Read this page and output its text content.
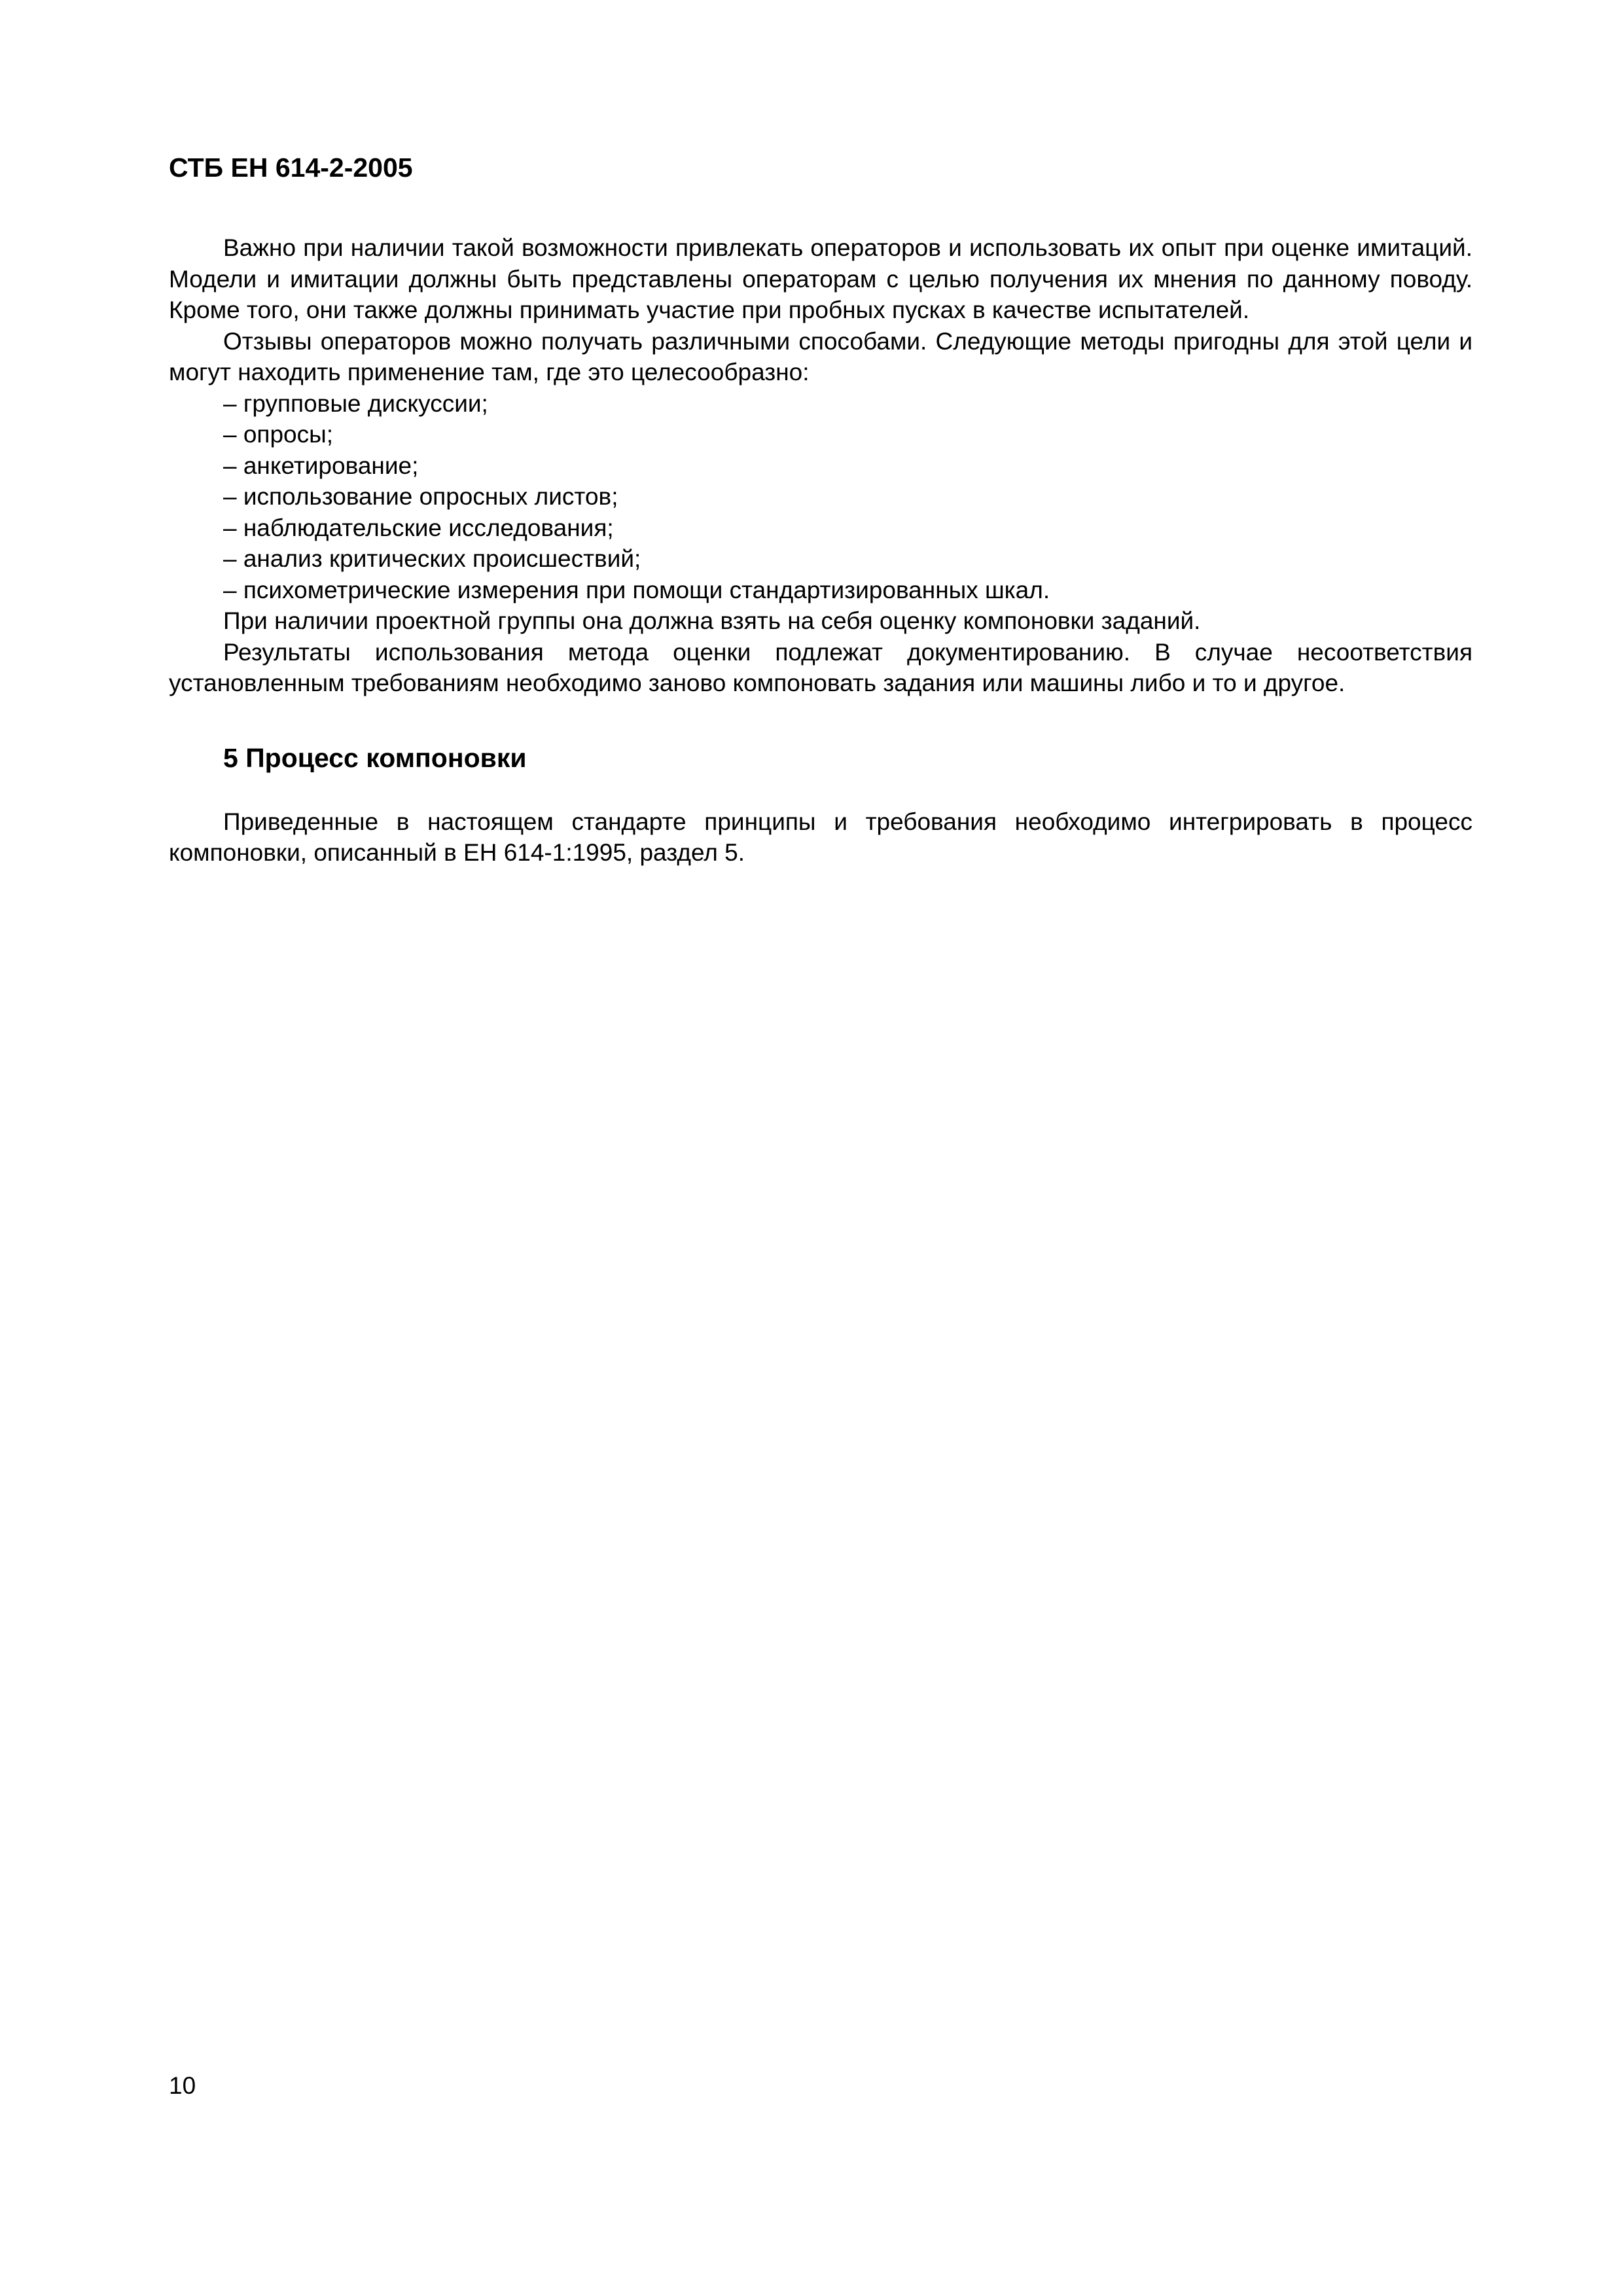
СТБ ЕН 614-2-2005

Важно при наличии такой возможности привлекать операторов и использовать их опыт при оценке имитаций. Модели и имитации должны быть представлены операторам с целью получения их мнения по данному поводу. Кроме того, они также должны принимать участие при пробных пусках в качестве испытателей.

Отзывы операторов можно получать различными способами. Следующие методы пригодны для этой цели и могут находить применение там, где это целесообразно:

– групповые дискуссии;
– опросы;
– анкетирование;
– использование опросных листов;
– наблюдательские исследования;
– анализ критических происшествий;
– психометрические измерения при помощи стандартизированных шкал.

При наличии проектной группы она должна взять на себя оценку компоновки заданий.

Результаты использования метода оценки подлежат документированию. В случае несоответствия установленным требованиям необходимо заново компоновать задания или машины либо и то и другое.

5 Процесс компоновки

Приведенные в настоящем стандарте принципы и требования необходимо интегрировать в процесс компоновки, описанный в ЕН 614-1:1995, раздел 5.

10
